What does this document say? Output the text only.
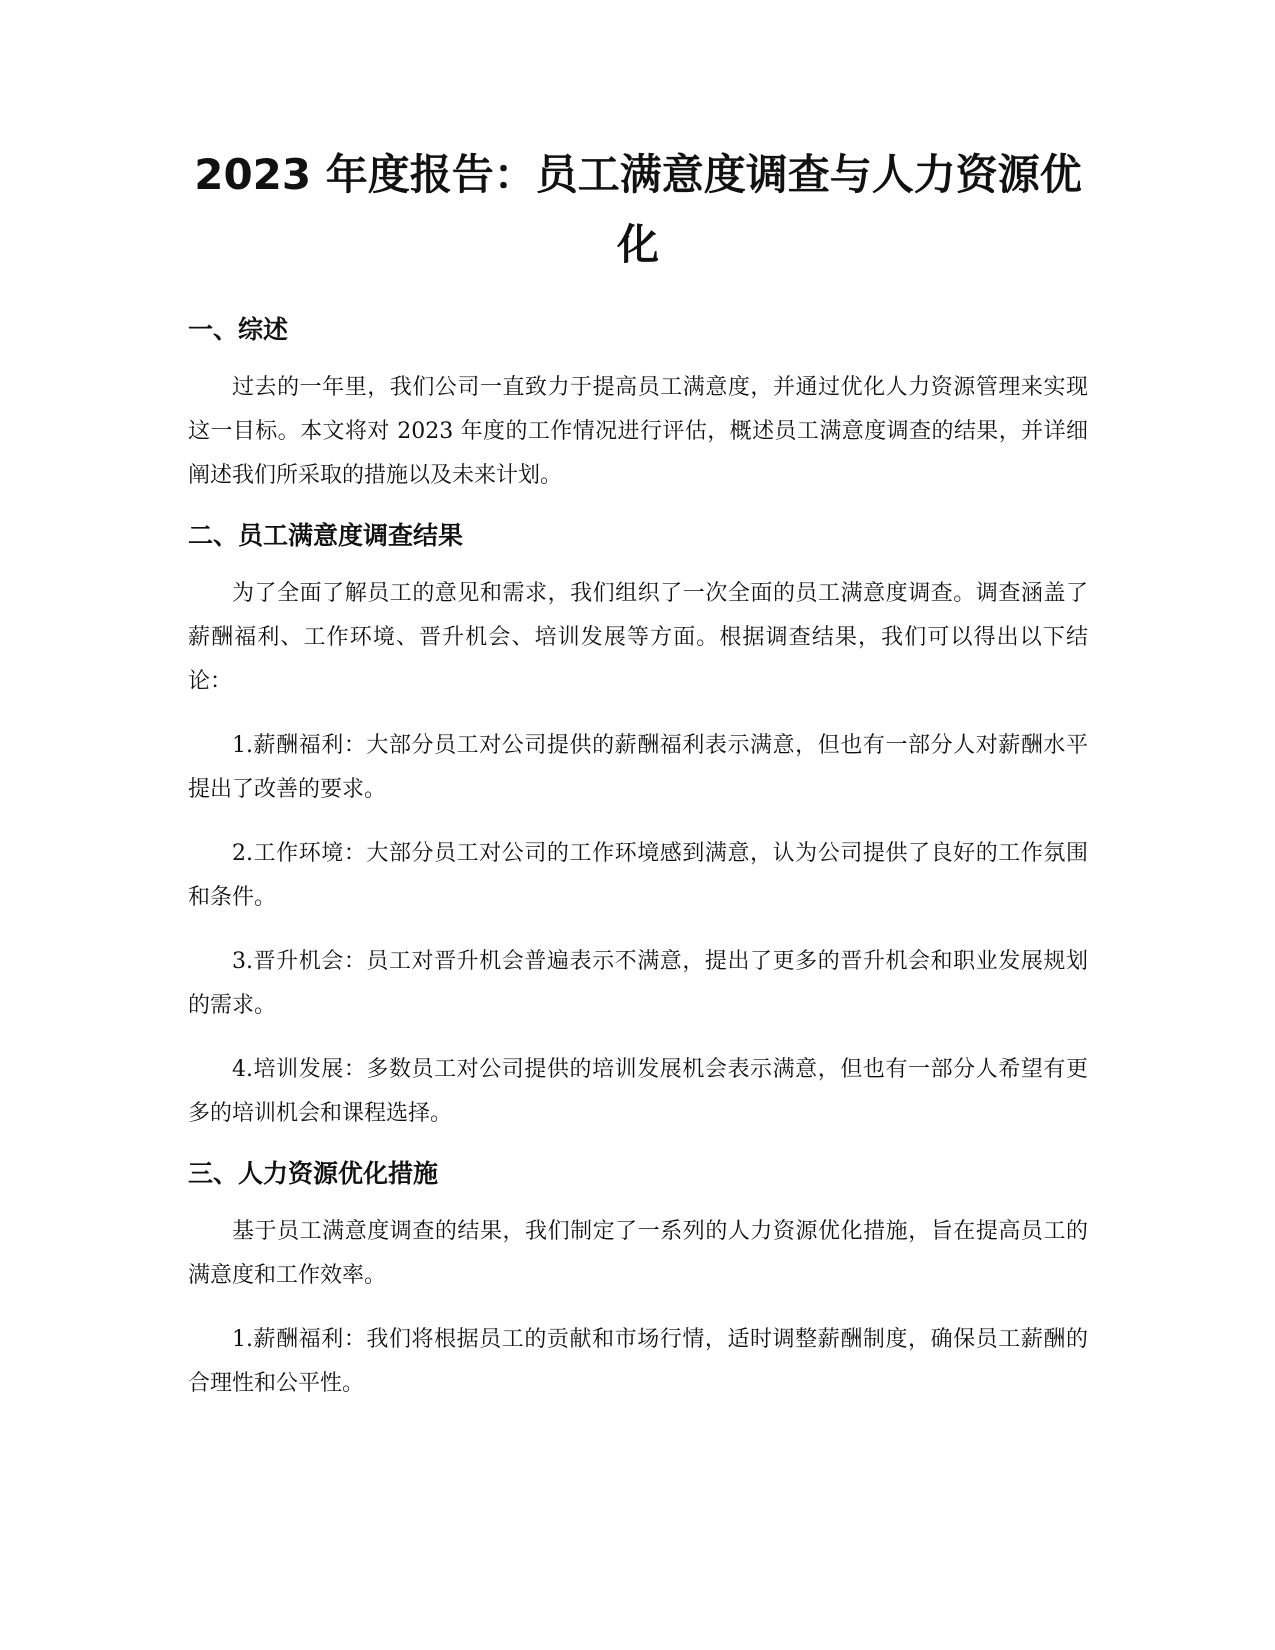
2023 年度报告：员工满意度调查与人力资源优化
一、综述

过去的一年里，我们公司一直致力于提高员工满意度，并通过优化人力资源管理来实现这一目标。本文将对 2023 年度的工作情况进行评估，概述员工满意度调查的结果，并详细阐述我们所采取的措施以及未来计划。

二、员工满意度调查结果

为了全面了解员工的意见和需求，我们组织了一次全面的员工满意度调查。调查涵盖了薪酬福利、工作环境、晋升机会、培训发展等方面。根据调查结果，我们可以得出以下结论：

1.薪酬福利：大部分员工对公司提供的薪酬福利表示满意，但也有一部分人对薪酬水平提出了改善的要求。

2.工作环境：大部分员工对公司的工作环境感到满意，认为公司提供了良好的工作氛围和条件。

3.晋升机会：员工对晋升机会普遍表示不满意，提出了更多的晋升机会和职业发展规划的需求。

4.培训发展：多数员工对公司提供的培训发展机会表示满意，但也有一部分人希望有更多的培训机会和课程选择。

三、人力资源优化措施

基于员工满意度调查的结果，我们制定了一系列的人力资源优化措施，旨在提高员工的满意度和工作效率。

1.薪酬福利：我们将根据员工的贡献和市场行情，适时调整薪酬制度，确保员工薪酬的合理性和公平性。
